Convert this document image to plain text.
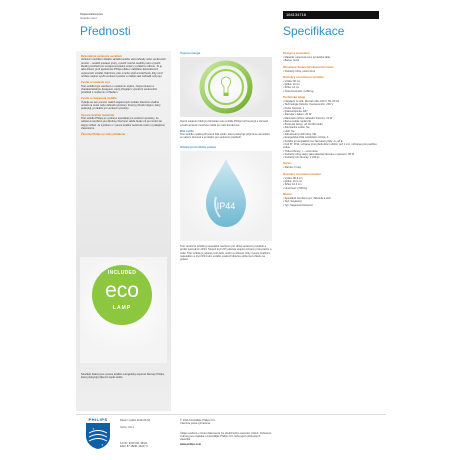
Stojanová/sloupová
Veranda nerez
164134716
Přednosti	Specifikace

Dekorativní venkovní osvětlení

Venkovní osvětlení dokáže skrášlit podobu vaší zahrady nebo venkovních prostor – osvětlit poutavé prvky, vytvořit mnohé cestičky nebo vytvořit ideální prostředí pro nezapomenutelné večery s přáteli a rodinou. To je také důvod, proč společnost Philips přišla s nabídkou dekorativních venkovních svítidel. Nabízíme vám mnoho stylů a funkčnosti, díky nimž můžete naplno využít venkovní prostor a vštěpit vaší zahradě svůj styl.

Zvolte si moderní styl

Toto svítidlo bylo navrženo s moderním stylem, čistými liniemi a charakteristickým designem, který přispěje k vytvoření venkovního prostředí s moderním vzhledem.

Zvolte si stojanová svítidla

Vydejte se ven pomocí našich stojanových svítidel, která lze snadno umístit na cestu nebo zahradní prostory. Krásný přírodní dojem, který poskytují, je ideální pro venkovní prostory.

Vysoce kvalitní materiály

Toto svítidlo Philips je vyrobeno speciálně pro venkovní prostory. Je odolné a navrženo pro dlouhou životnost, takže bude mít po mnoho let stejný vzhled. Je vyrobeno z vysoce kvalitní nerezové oceli s vynikajícími vlastnostmi.

Žárovka Philips je vždy přibalena

INCLUDED
eco
LAMP

Součástí balení jsou vysoce kvalitní energeticky úsporné žárovky Philips, které poskytují příjemné teplé světlo.

Úspora energie

Oproti ostatním běžným žárovkám toto svítidlo Philips šetří energii a zároveň vytváří správné množství světla pro vaši domácnost.

Bílé světlo

Toto svítidlo vydává přirozené bílé světlo, které poskytuje příjemnou atmosféru ve vašem domově a je ideální pro venkovní prostředí.

Odolné proti vlivům počasí

IP44

Toto venkovní svítidlo je speciálně navrženo pro vlhká venkovní prostředí a prošlo testováním IP44. Stupeň krytí (IP) ukazuje stupeň ochrany proti prachu a vodě. Toto svítidlo je odolné proti dešti, sněhu a vlhkosti. Díky vysoce kvalitním materiálům a krytí IP44 vám svítidlo poslouží dlouhou dobu bez ohledu na počasí.

Design a provedení

• Materiál: nerezová ocel, syntetické látky
• Barva: nerez

Obsažené funkce/příslušenství navíc

• Světelný zdroj: počet 4mm

Rozměry a hmotnost výrobku

• Výška: 80 cm
• Délka: 10 cm
• Šířka: 10 cm
• Čistá hmotnost: 2,250 kg

Technické údaje

• Napájení ze sítě: Rozsah 220–240 V, 50–60 Hz
• Technologie žárovky: fluorescenční, 230 V
• Počet žárovek: 1
• Patice/objímka: E27
• Žárovka v balení: 20 W
• Maximální příkon náhradní žárovky: 20 W
• Barva světla: teplá bílá
• Životnost lampy: až 10 000 hodin
• Ztlumitelné světlo: Ne
• LED: Ne
• Zabudovaný LED zdroj: NE
• Energetická třída světelného zdroje: A
• Svítidlo je kompatibilní se žárovkami třídy: A+ až E
• Kód IP: IP44, ochrana proti předmětům větším než 1 mm, ochrana proti postřiku vodou
• Třída ochrany: I – uzemněné
• Světelný zdroj stejný jako klasická žárovka s výkonem: 95 W
• Světelný tok žárovky: 1 330 lm

Servis

• Záruka: 2 roky

Rozměry a hmotnost balení

• Výška: 80,8 cm
• Délka: 10,3 cm
• Šířka: 10,3 cm
• Hmotnost: 2,500 kg

Různé

• Speciálně navrženo pro: Zahrada a dvůr
• Styl: Současný
• Typ: Stojanové/sloupové
PHILIPS
✦
✦
Datum vydání 2016-03-18
Verze: 3.0.1
12 NC: 9150 041 35101
EAN: 87 18291 44247 9
© 2016 Koninklijke Philips N.V.
Všechna práva vyhrazena.
Údaje uvedené v tomto dokumentu lze předchozího varování změnit. Ochranné známky jsou majetkem Koninklijke Philips N.V. nebo jejich příslušných vlastníků.
www.philips.com
